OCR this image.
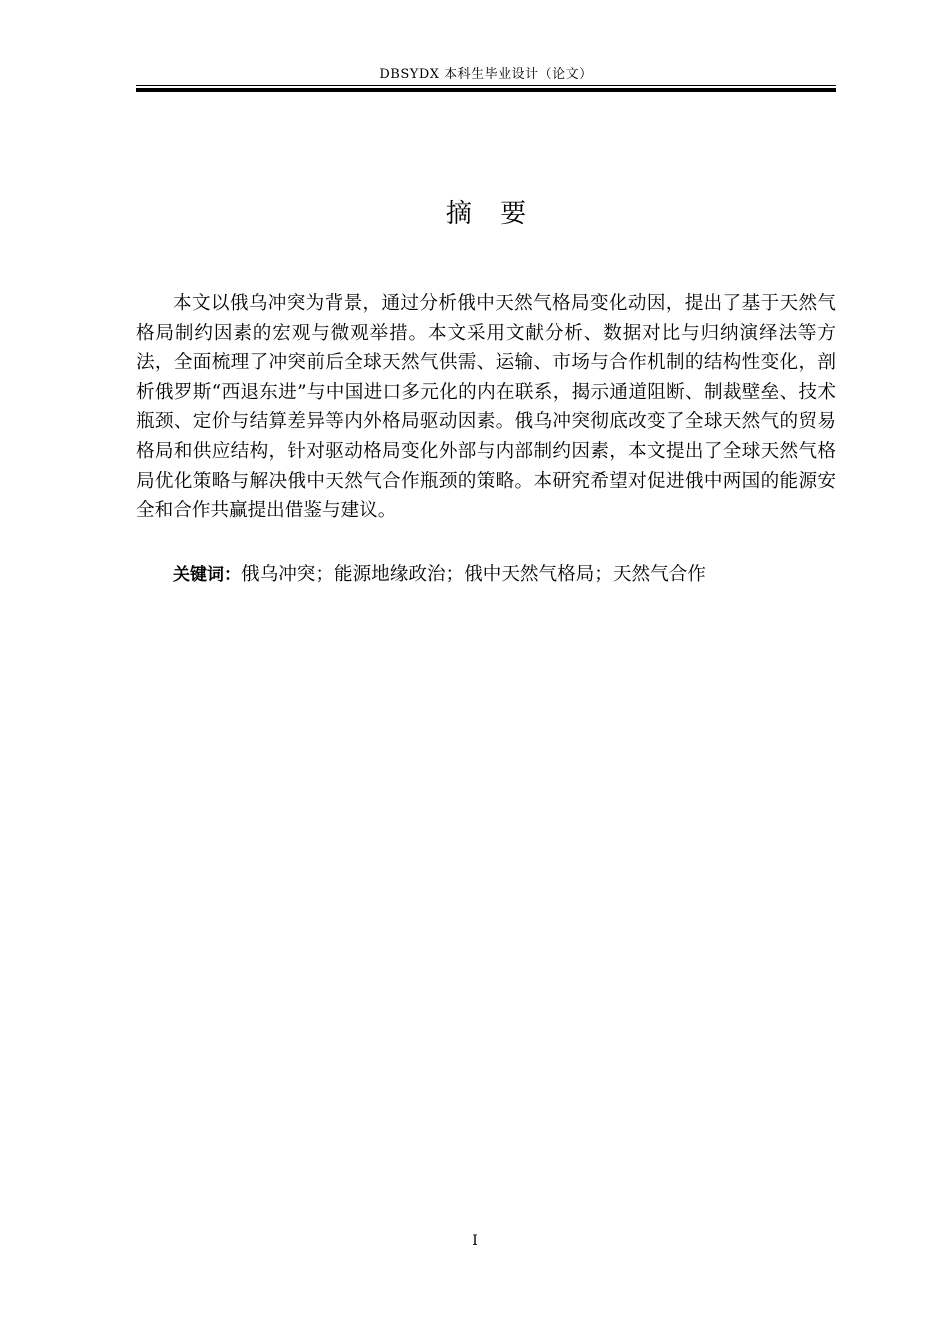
DBSYDX 本科生毕业设计（论文）
摘 要

本文以俄乌冲突为背景，通过分析俄中天然气格局变化动因，提出了基于天然气格局制约因素的宏观与微观举措。本文采用文献分析、数据对比与归纳演绎法等方法，全面梳理了冲突前后全球天然气供需、运输、市场与合作机制的结构性变化，剖析俄罗斯“西退东进”与中国进口多元化的内在联系，揭示通道阻断、制裁壁垒、技术瓶颈、定价与结算差异等内外格局驱动因素。俄乌冲突彻底改变了全球天然气的贸易格局和供应结构，针对驱动格局变化外部与内部制约因素，本文提出了全球天然气格局优化策略与解决俄中天然气合作瓶颈的策略。本研究希望对促进俄中两国的能源安全和合作共赢提出借鉴与建议。

关键词：俄乌冲突；能源地缘政治；俄中天然气格局；天然气合作

I
